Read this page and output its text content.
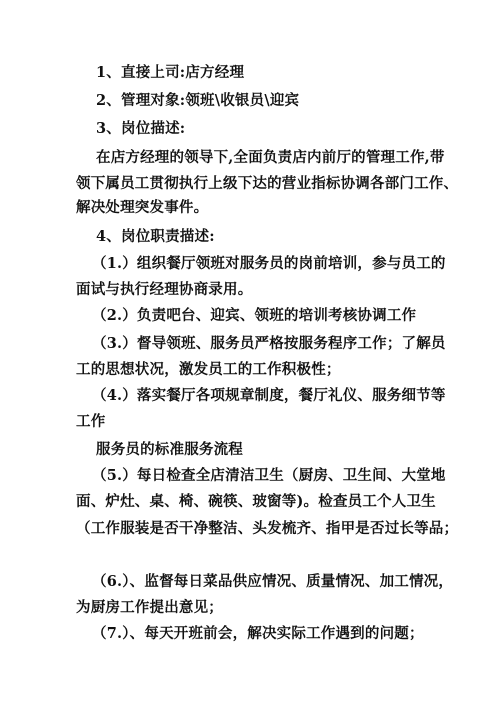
1、直接上司:店方经理
2、管理对象:领班\收银员\迎宾
3、岗位描述:
在店方经理的领导下,全面负责店内前厅的管理工作,带
领下属员工贯彻执行上级下达的营业指标协调各部门工作、
解决处理突发事件。
4、岗位职责描述:
（1.）组织餐厅领班对服务员的岗前培训，参与员工的
面试与执行经理协商录用。
（2.）负责吧台、迎宾、领班的培训考核协调工作
（3.）督导领班、服务员严格按服务程序工作；了解员
工的思想状况，激发员工的工作积极性；
（4.）落实餐厅各项规章制度，餐厅礼仪、服务细节等
工作
服务员的标准服务流程
（5.）每日检查全店清洁卫生（厨房、卫生间、大堂地
面、炉灶、桌、椅、碗筷、玻窗等)。检查员工个人卫生
（工作服装是否干净整洁、头发梳齐、指甲是否过长等品；
（6.）、监督每日菜品供应情况、质量情况、加工情况，
为厨房工作提出意见；
（7.）、每天开班前会，解决实际工作遇到的问题；
